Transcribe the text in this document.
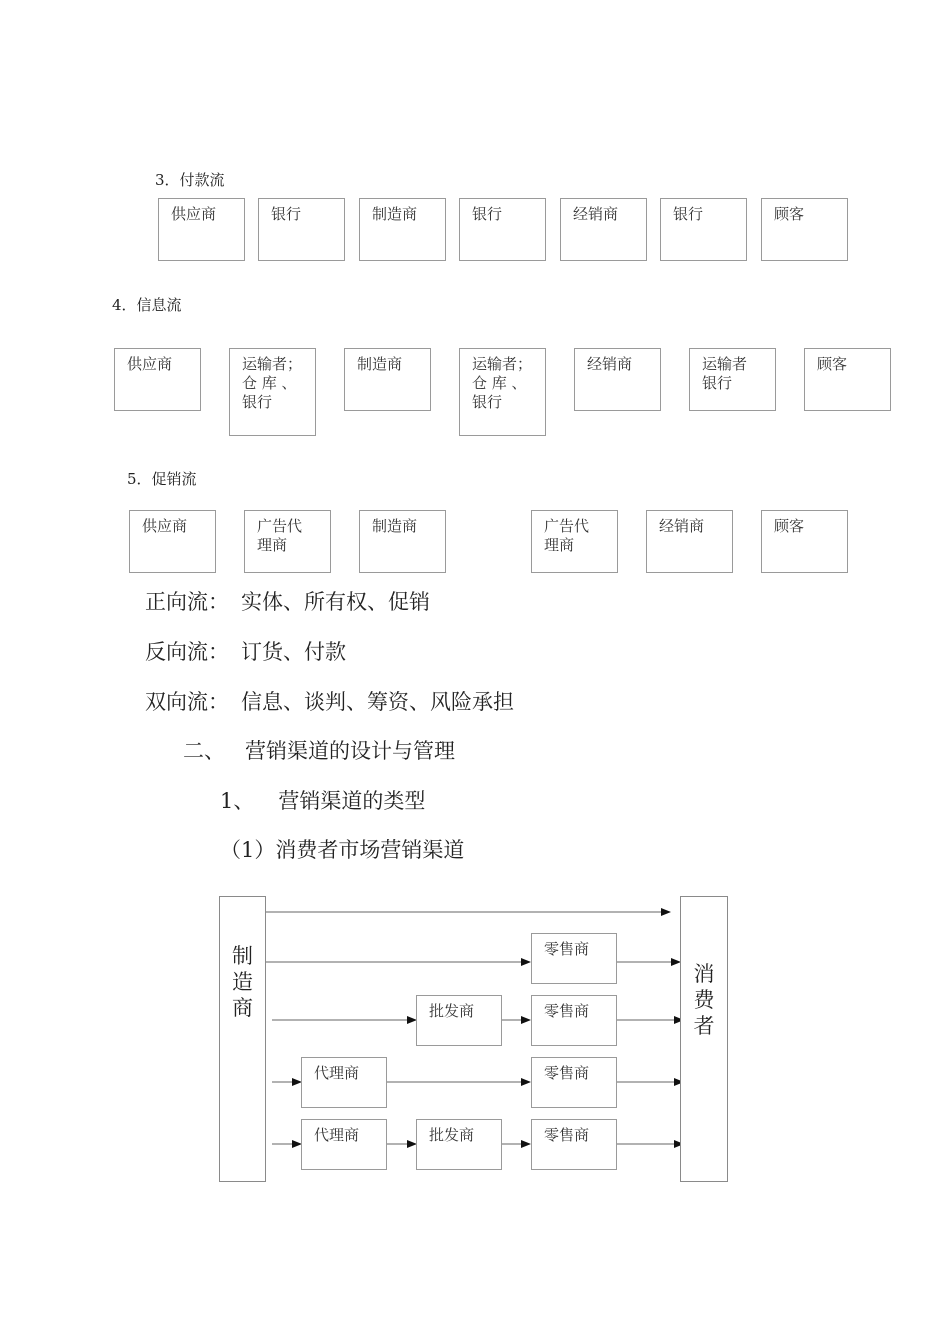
3．付款流
供应商	银行	制造商	银行	经销商	银行	顾客
4．信息流
供应商	运输者；
仓 库 、
银行
制造商	运输者；
仓 库 、
银行
经销商	运输者
银行
顾客
5．促销流
供应商	广告代
理商
制造商	广告代
理商
经销商	顾客
正向流： 实体、所有权、促销
反向流： 订货、付款
双向流： 信息、谈判、筹资、风险承担
二、 营销渠道的设计与管理
1、 营销渠道的类型
（1）消费者市场营销渠道
制
造
商
消
费
者
零售商
批发商	零售商
代理商	零售商
代理商	批发商	零售商
